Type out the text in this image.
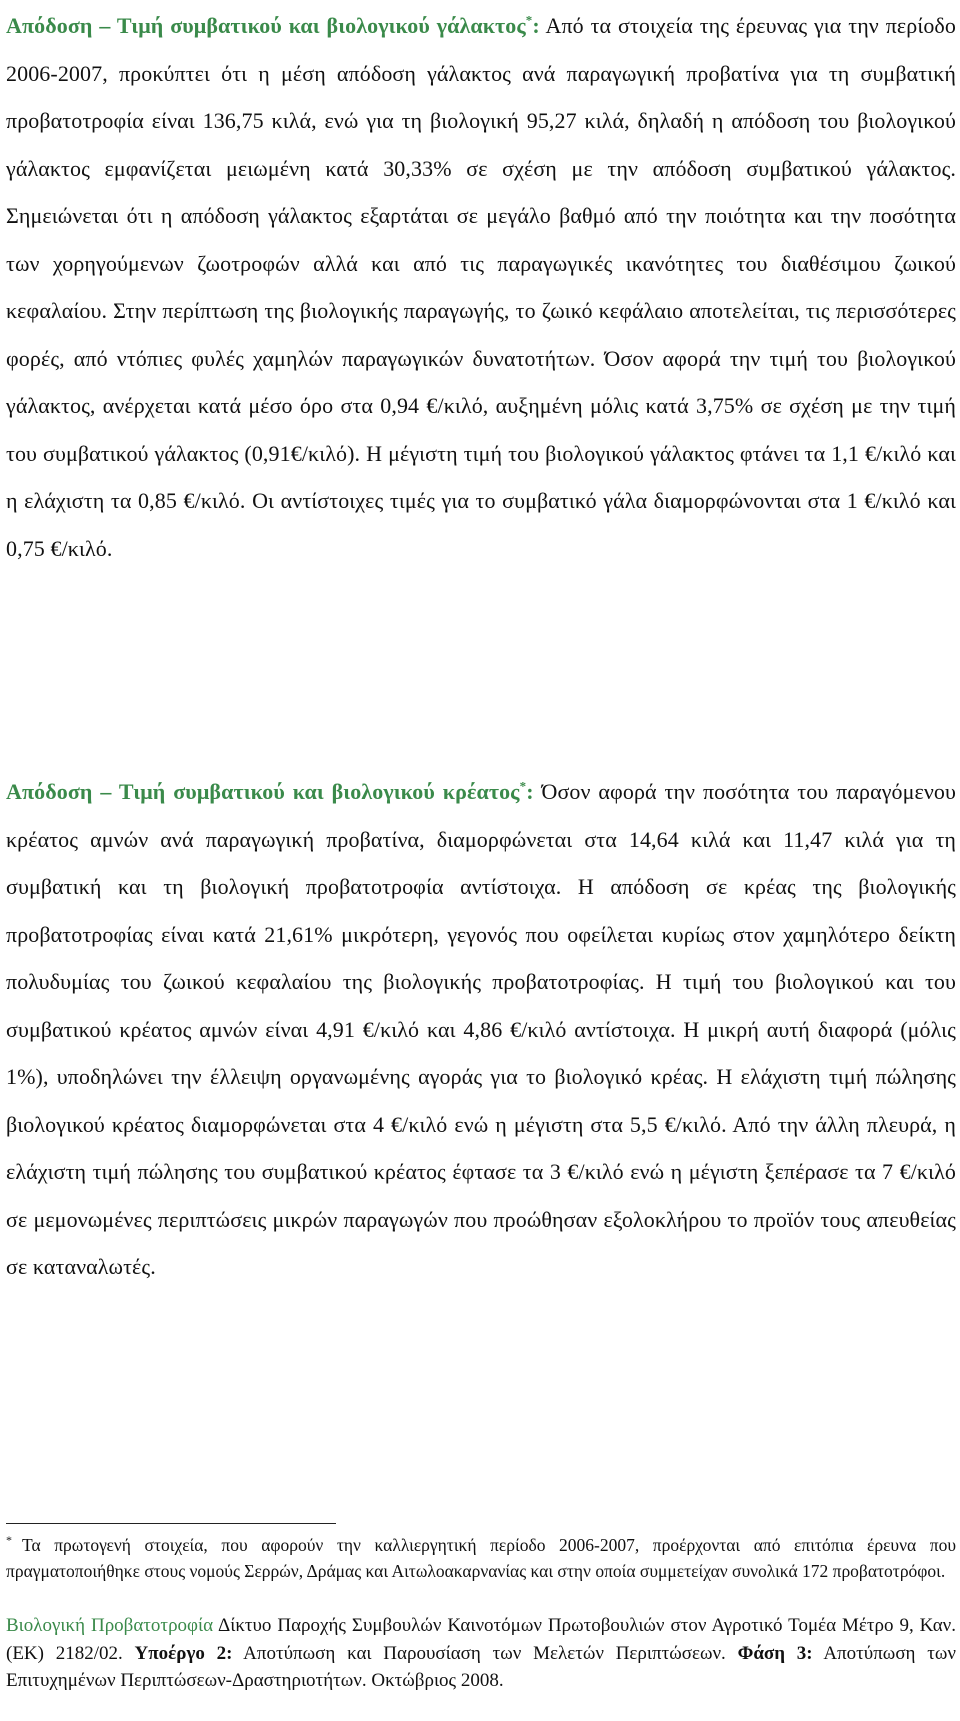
Απόδοση – Τιμή συμβατικού και βιολογικού γάλακτος*: Από τα στοιχεία της έρευνας για την περίοδο 2006-2007, προκύπτει ότι η μέση απόδοση γάλακτος ανά παραγωγική προβατίνα για τη συμβατική προβατοτροφία είναι 136,75 κιλά, ενώ για τη βιολογική 95,27 κιλά, δηλαδή η απόδοση του βιολογικού γάλακτος εμφανίζεται μειωμένη κατά 30,33% σε σχέση με την απόδοση συμβατικού γάλακτος. Σημειώνεται ότι η απόδοση γάλακτος εξαρτάται σε μεγάλο βαθμό από την ποιότητα και την ποσότητα των χορηγούμενων ζωοτροφών αλλά και από τις παραγωγικές ικανότητες του διαθέσιμου ζωικού κεφαλαίου. Στην περίπτωση της βιολογικής παραγωγής, το ζωικό κεφάλαιο αποτελείται, τις περισσότερες φορές, από ντόπιες φυλές χαμηλών παραγωγικών δυνατοτήτων. Όσον αφορά την τιμή του βιολογικού γάλακτος, ανέρχεται κατά μέσο όρο στα 0,94 €/κιλό, αυξημένη μόλις κατά 3,75% σε σχέση με την τιμή του συμβατικού γάλακτος (0,91€/κιλό). Η μέγιστη τιμή του βιολογικού γάλακτος φτάνει τα 1,1 €/κιλό και η ελάχιστη τα 0,85 €/κιλό. Οι αντίστοιχες τιμές για το συμβατικό γάλα διαμορφώνονται στα 1 €/κιλό και 0,75 €/κιλό.

Απόδοση – Τιμή συμβατικού και βιολογικού κρέατος*: Όσον αφορά την ποσότητα του παραγόμενου κρέατος αμνών ανά παραγωγική προβατίνα, διαμορφώνεται στα 14,64 κιλά και 11,47 κιλά για τη συμβατική και τη βιολογική προβατοτροφία αντίστοιχα. Η απόδοση σε κρέας της βιολογικής προβατοτροφίας είναι κατά 21,61% μικρότερη, γεγονός που οφείλεται κυρίως στον χαμηλότερο δείκτη πολυδυμίας του ζωικού κεφαλαίου της βιολογικής προβατοτροφίας. Η τιμή του βιολογικού και του συμβατικού κρέατος αμνών είναι 4,91 €/κιλό και 4,86 €/κιλό αντίστοιχα. Η μικρή αυτή διαφορά (μόλις 1%), υποδηλώνει την έλλειψη οργανωμένης αγοράς για το βιολογικό κρέας. Η ελάχιστη τιμή πώλησης βιολογικού κρέατος διαμορφώνεται στα 4 €/κιλό ενώ η μέγιστη στα 5,5 €/κιλό. Από την άλλη πλευρά, η ελάχιστη τιμή πώλησης του συμβατικού κρέατος έφτασε τα 3 €/κιλό ενώ η μέγιστη ξεπέρασε τα 7 €/κιλό σε μεμονωμένες περιπτώσεις μικρών παραγωγών που προώθησαν εξολοκλήρου το προϊόν τους απευθείας σε καταναλωτές.

* Τα πρωτογενή στοιχεία, που αφορούν την καλλιεργητική περίοδο 2006-2007, προέρχονται από επιτόπια έρευνα που πραγματοποιήθηκε στους νομούς Σερρών, Δράμας και Αιτωλοακαρνανίας και στην οποία συμμετείχαν συνολικά 172 προβατοτρόφοι.

Βιολογική Προβατοτροφία Δίκτυο Παροχής Συμβουλών Καινοτόμων Πρωτοβουλιών στον Αγροτικό Τομέα Μέτρο 9, Καν.(ΕΚ) 2182/02. Υποέργο 2: Αποτύπωση και Παρουσίαση των Μελετών Περιπτώσεων. Φάση 3: Αποτύπωση των Επιτυχημένων Περιπτώσεων-Δραστηριοτήτων. Οκτώβριος 2008.
